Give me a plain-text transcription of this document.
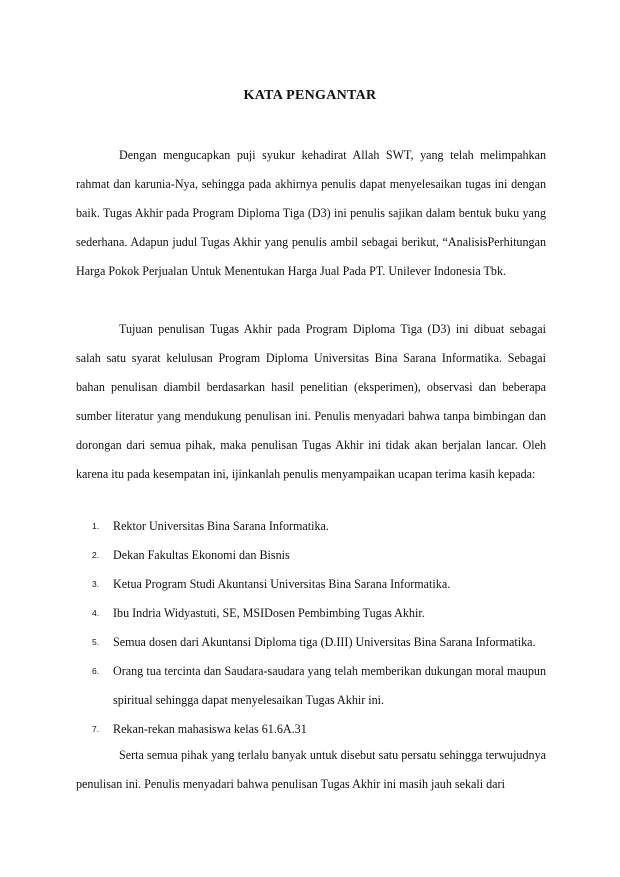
KATA PENGANTAR

Dengan mengucapkan puji syukur kehadirat Allah SWT, yang telah melimpahkan rahmat dan karunia-Nya, sehingga pada akhirnya penulis dapat menyelesaikan tugas ini dengan baik. Tugas Akhir pada Program Diploma Tiga (D3) ini penulis sajikan dalam bentuk buku yang sederhana. Adapun judul Tugas Akhir yang penulis ambil sebagai berikut, “AnalisisPerhitungan Harga Pokok Perjualan Untuk Menentukan Harga Jual Pada PT. Unilever Indonesia Tbk.

Tujuan penulisan Tugas Akhir pada Program Diploma Tiga (D3) ini dibuat sebagai salah satu syarat kelulusan Program Diploma Universitas Bina Sarana Informatika. Sebagai bahan penulisan diambil berdasarkan hasil penelitian (eksperimen), observasi dan beberapa sumber literatur yang mendukung penulisan ini. Penulis menyadari bahwa tanpa bimbingan dan dorongan dari semua pihak, maka penulisan Tugas Akhir ini tidak akan berjalan lancar. Oleh karena itu pada kesempatan ini, ijinkanlah penulis menyampaikan ucapan terima kasih kepada:

1. Rektor Universitas Bina Sarana Informatika.
2. Dekan Fakultas Ekonomi dan Bisnis
3. Ketua Program Studi Akuntansi Universitas Bina Sarana Informatika.
4. Ibu Indria Widyastuti, SE, MSIDosen Pembimbing Tugas Akhir.
5. Semua dosen dari Akuntansi Diploma tiga (D.III) Universitas Bina Sarana Informatika.
6. Orang tua tercinta dan Saudara-saudara yang telah memberikan dukungan moral maupun spiritual sehingga dapat menyelesaikan Tugas Akhir ini.
7. Rekan-rekan mahasiswa kelas 61.6A.31

Serta semua pihak yang terlalu banyak untuk disebut satu persatu sehingga terwujudnya penulisan ini. Penulis menyadari bahwa penulisan Tugas Akhir ini masih jauh sekali dari
